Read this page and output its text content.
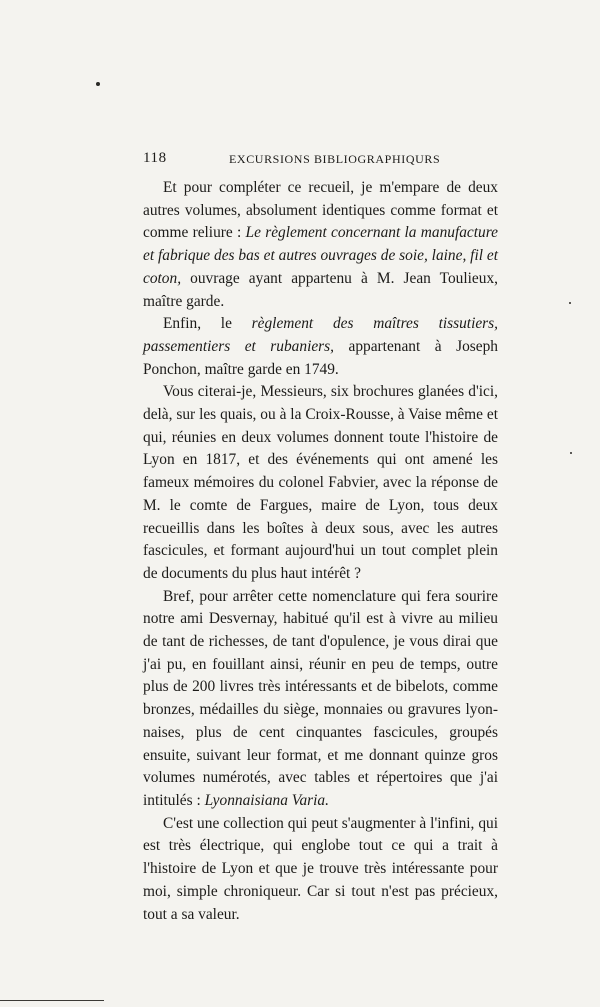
118	EXCURSIONS BIBLIOGRAPHIQURS

Et pour compléter ce recueil, je m'empare de deux autres volumes, absolument identiques comme format et comme reliure : Le règlement concernant la manufacture et fabrique des bas et autres ouvrages de soie, laine, fil et coton, ouvrage ayant appartenu à M. Jean Toulieux, maître garde.

Enfin, le règlement des maîtres tissutiers, passementiers et rubaniers, appartenant à Joseph Ponchon, maître garde en 1749.

Vous citerai-je, Messieurs, six brochures glanées d'ici, delà, sur les quais, ou à la Croix-Rousse, à Vaise même et qui, réunies en deux volumes donnent toute l'histoire de Lyon en 1817, et des événements qui ont amené les fameux mémoires du colonel Fabvier, avec la réponse de M. le comte de Fargues, maire de Lyon, tous deux recueillis dans les boîtes à deux sous, avec les autres fascicules, et formant aujourd'hui un tout complet plein de documents du plus haut intérêt ?

Bref, pour arrêter cette nomenclature qui fera sourire notre ami Desvernay, habitué qu'il est à vivre au milieu de tant de richesses, de tant d'opulence, je vous dirai que j'ai pu, en fouillant ainsi, réunir en peu de temps, outre plus de 200 livres très intéressants et de bibelots, comme bronzes, médailles du siège, monnaies ou gravures lyon-naises, plus de cent cinquantes fascicules, groupés ensuite, suivant leur format, et me donnant quinze gros volumes numérotés, avec tables et répertoires que j'ai intitulés : Lyonnaisiana Varia.

C'est une collection qui peut s'augmenter à l'infini, qui est très électrique, qui englobe tout ce qui a trait à l'histoire de Lyon et que je trouve très intéressante pour moi, simple chroniqueur. Car si tout n'est pas précieux, tout a sa valeur.
